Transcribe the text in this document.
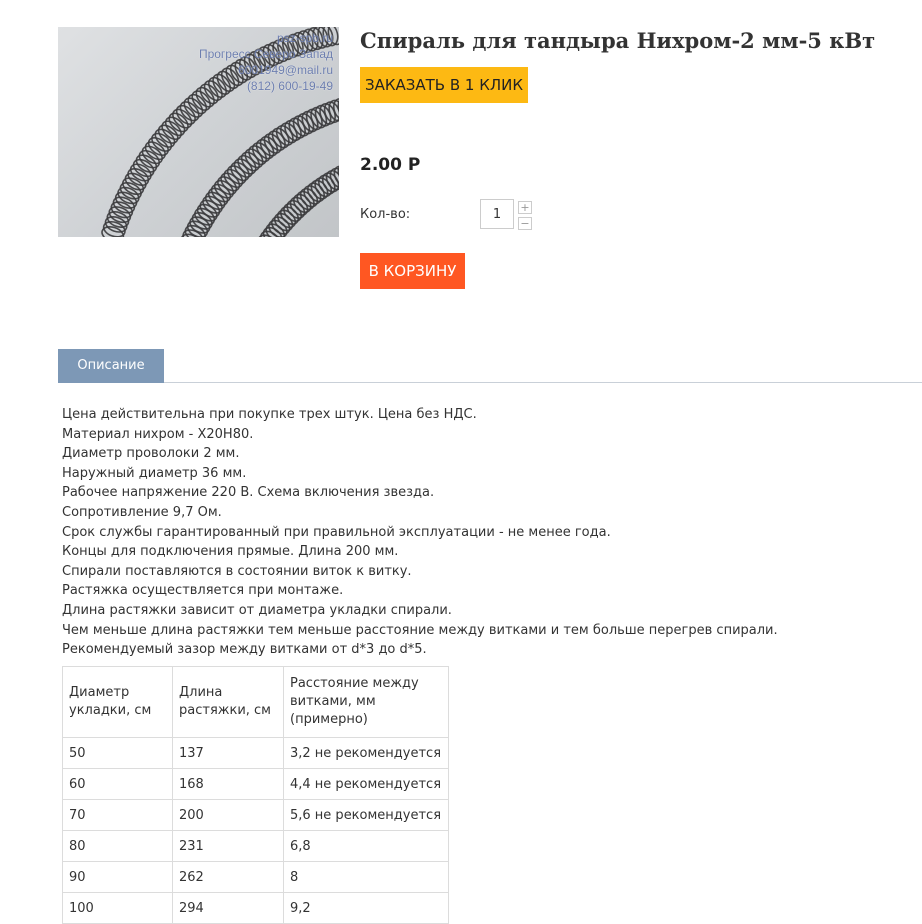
psz-spb.ru
Прогресс Северо Запад
6001949@mail.ru
(812) 600-19-49
Спираль для тандыра Нихром-2 мм-5 кВт
ЗАКАЗАТЬ В 1 КЛИК
2.00 Р
Кол-во:
1	+
−
В КОРЗИНУ
Описание
Цена действительна при покупке трех штук. Цена без НДС.
Материал нихром - Х20Н80.
Диаметр проволоки 2 мм.
Наружный диаметр 36 мм.
Рабочее напряжение 220 В. Схема включения звезда.
Сопротивление 9,7 Ом.
Срок службы гарантированный при правильной эксплуатации - не менее года.
Концы для подключения прямые. Длина 200 мм.
Спирали поставляются в состоянии виток к витку.
Растяжка осуществляется при монтаже.
Длина растяжки зависит от диаметра укладки спирали.
Чем меньше длина растяжки тем меньше расстояние между витками и тем больше перегрев спирали.
Рекомендуемый зазор между витками от d*3 до d*5.
Диаметр укладки, см	Длина растяжки, см	Расстояние между витками, мм (примерно)
50	137	3,2 не рекомендуется
60	168	4,4 не рекомендуется
70	200	5,6 не рекомендуется
80	231	6,8
90	262	8
100	294	9,2
